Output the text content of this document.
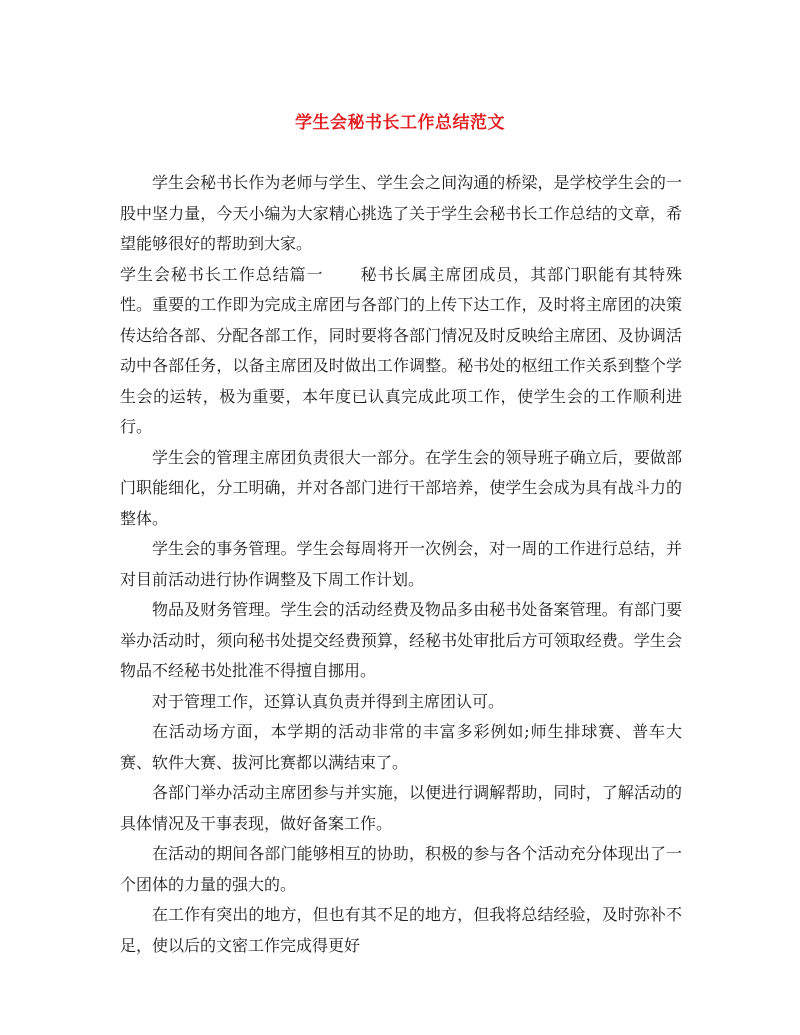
学生会秘书长工作总结范文

学生会秘书长作为老师与学生、学生会之间沟通的桥梁，是学校学生会的一股中坚力量，今天小编为大家精心挑选了关于学生会秘书长工作总结的文章，希望能够很好的帮助到大家。

学生会秘书长工作总结篇一 秘书长属主席团成员，其部门职能有其特殊性。重要的工作即为完成主席团与各部门的上传下达工作，及时将主席团的决策传达给各部、分配各部工作，同时要将各部门情况及时反映给主席团、及协调活动中各部任务，以备主席团及时做出工作调整。秘书处的枢纽工作关系到整个学生会的运转，极为重要，本年度已认真完成此项工作，使学生会的工作顺利进行。

学生会的管理主席团负责很大一部分。在学生会的领导班子确立后，要做部门职能细化，分工明确，并对各部门进行干部培养，使学生会成为具有战斗力的整体。

学生会的事务管理。学生会每周将开一次例会，对一周的工作进行总结，并对目前活动进行协作调整及下周工作计划。

物品及财务管理。学生会的活动经费及物品多由秘书处备案管理。有部门要举办活动时，须向秘书处提交经费预算，经秘书处审批后方可领取经费。学生会物品不经秘书处批准不得擅自挪用。

对于管理工作，还算认真负责并得到主席团认可。

在活动场方面，本学期的活动非常的丰富多彩例如;师生排球赛、普车大赛、软件大赛、拔河比赛都以满结束了。

各部门举办活动主席团参与并实施，以便进行调解帮助，同时，了解活动的具体情况及干事表现，做好备案工作。

在活动的期间各部门能够相互的协助，积极的参与各个活动充分体现出了一个团体的力量的强大的。

在工作有突出的地方，但也有其不足的地方，但我将总结经验，及时弥补不足，使以后的文密工作完成得更好
